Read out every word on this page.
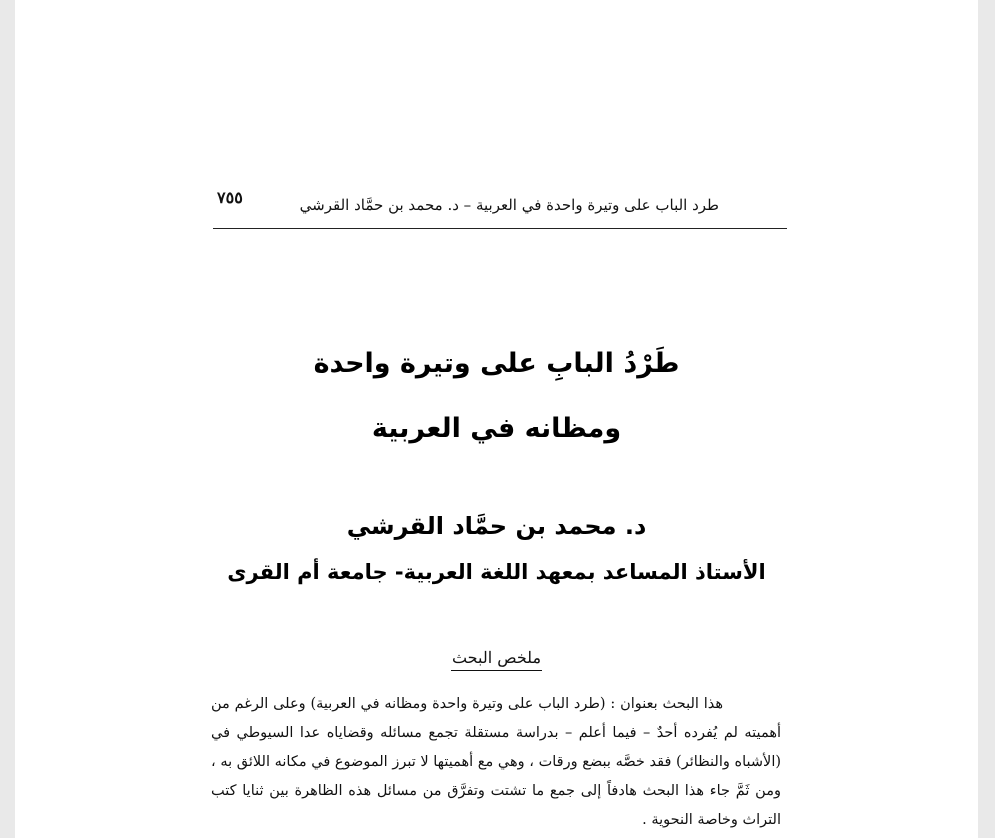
٧٥٥	طرد الباب على وتيرة واحدة في العربية – د. محمد بن حمَّاد القرشي
طَرْدُ البابِ على وتيرة واحدة
ومظانه في العربية
د. محمد بن حمَّاد القرشي
الأستاذ المساعد بمعهد اللغة العربية- جامعة أم القرى
ملخص البحث

هذا البحث بعنوان : (طرد الباب على وتيرة واحدة ومظانه في العربية) وعلى الرغم من أهميته لم يُفرده أحدٌ – فيما أعلم – بدراسة مستقلة تجمع مسائله وقضاياه عدا السيوطي في (الأشباه والنظائر) فقد خصَّه ببضع ورقات ، وهي مع أهميتها لا تبرز الموضوع في مكانه اللائق به ، ومن ثَمَّ جاء هذا البحث هادفاً إلى جمع ما تشتت وتفرَّق من مسائل هذه الظاهرة بين ثنايا كتب التراث وخاصة النحوية .
